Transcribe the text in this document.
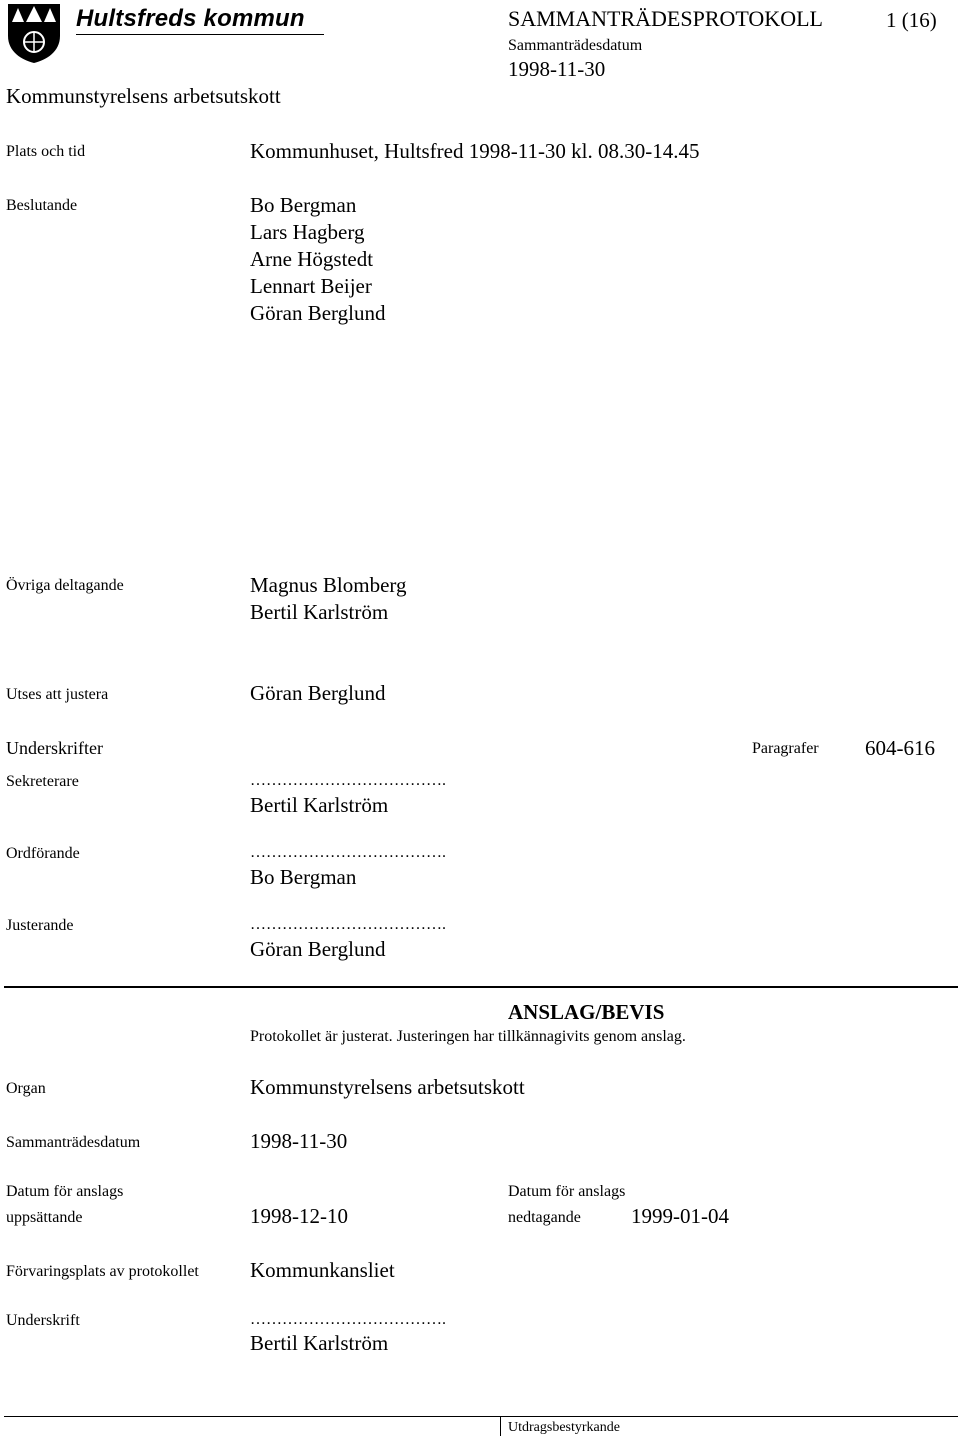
Hultsfreds kommun	SAMMANTRÄDESPROTOKOLL	1 (16)
Sammanträdesdatum
1998-11-30
Kommunstyrelsens arbetsutskott
Plats och tid	Kommunhuset, Hultsfred 1998-11-30 kl. 08.30-14.45
Beslutande	Bo Bergman
Lars Hagberg
Arne Högstedt
Lennart Beijer
Göran Berglund
Övriga deltagande	Magnus Blomberg
Bertil Karlström
Utses att justera	Göran Berglund
Underskrifter	Paragrafer 604-616
Sekreterare	……………………………….
Bertil Karlström
Ordförande	……………………………….
Bo Bergman
Justerande	……………………………….
Göran Berglund
ANSLAG/BEVIS
Protokollet är justerat. Justeringen har tillkännagivits genom anslag.
Organ	Kommunstyrelsens arbetsutskott
Sammanträdesdatum	1998-11-30
Datum för anslags
uppsättande	1998-12-10
Datum för anslags
nedtagande 1999-01-04
Förvaringsplats av protokollet Kommunkansliet
Underskrift	……………………………….
Bertil Karlström
Utdragsbestyrkande
